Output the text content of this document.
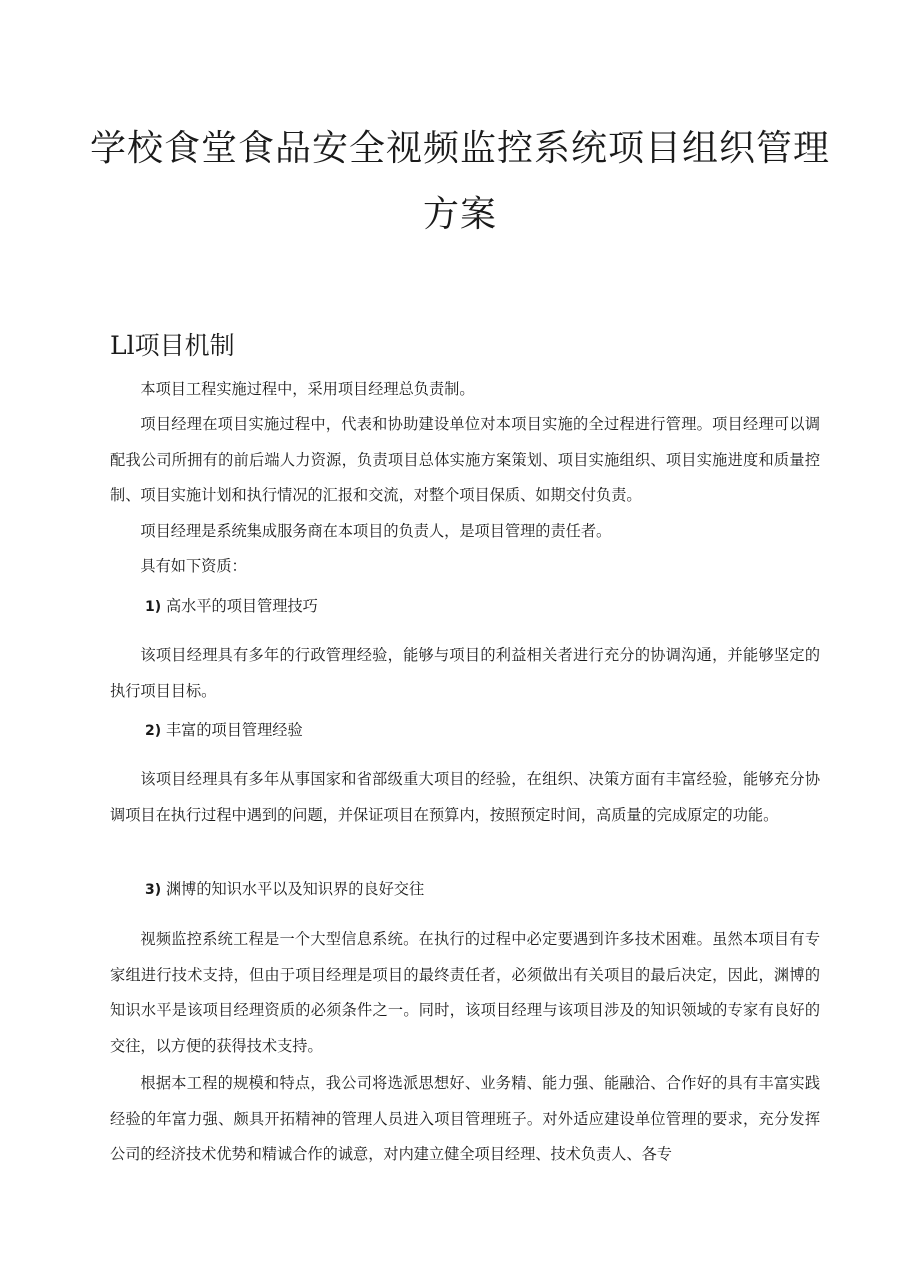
学校食堂食品安全视频监控系统项目组织管理
方案
Ll项目机制

本项目工程实施过程中，采用项目经理总负责制。

项目经理在项目实施过程中，代表和协助建设单位对本项目实施的全过程进行管理。项目经理可以调配我公司所拥有的前后端人力资源，负责项目总体实施方案策划、项目实施组织、项目实施进度和质量控制、项目实施计划和执行情况的汇报和交流，对整个项目保质、如期交付负责。

项目经理是系统集成服务商在本项目的负责人，是项目管理的责任者。

具有如下资质：

1) 高水平的项目管理技巧

该项目经理具有多年的行政管理经验，能够与项目的利益相关者进行充分的协调沟通，并能够坚定的执行项目目标。

2) 丰富的项目管理经验

该项目经理具有多年从事国家和省部级重大项目的经验，在组织、决策方面有丰富经验，能够充分协调项目在执行过程中遇到的问题，并保证项目在预算内，按照预定时间，高质量的完成原定的功能。

3) 渊博的知识水平以及知识界的良好交往

视频监控系统工程是一个大型信息系统。在执行的过程中必定要遇到许多技术困难。虽然本项目有专家组进行技术支持，但由于项目经理是项目的最终责任者，必须做出有关项目的最后决定，因此，渊博的知识水平是该项目经理资质的必须条件之一。同时，该项目经理与该项目涉及的知识领域的专家有良好的交往，以方便的获得技术支持。

根据本工程的规模和特点，我公司将选派思想好、业务精、能力强、能融洽、合作好的具有丰富实践经验的年富力强、颇具开拓精神的管理人员进入项目管理班子。对外适应建设单位管理的要求，充分发挥公司的经济技术优势和精诚合作的诚意，对内建立健全项目经理、技术负责人、各专
